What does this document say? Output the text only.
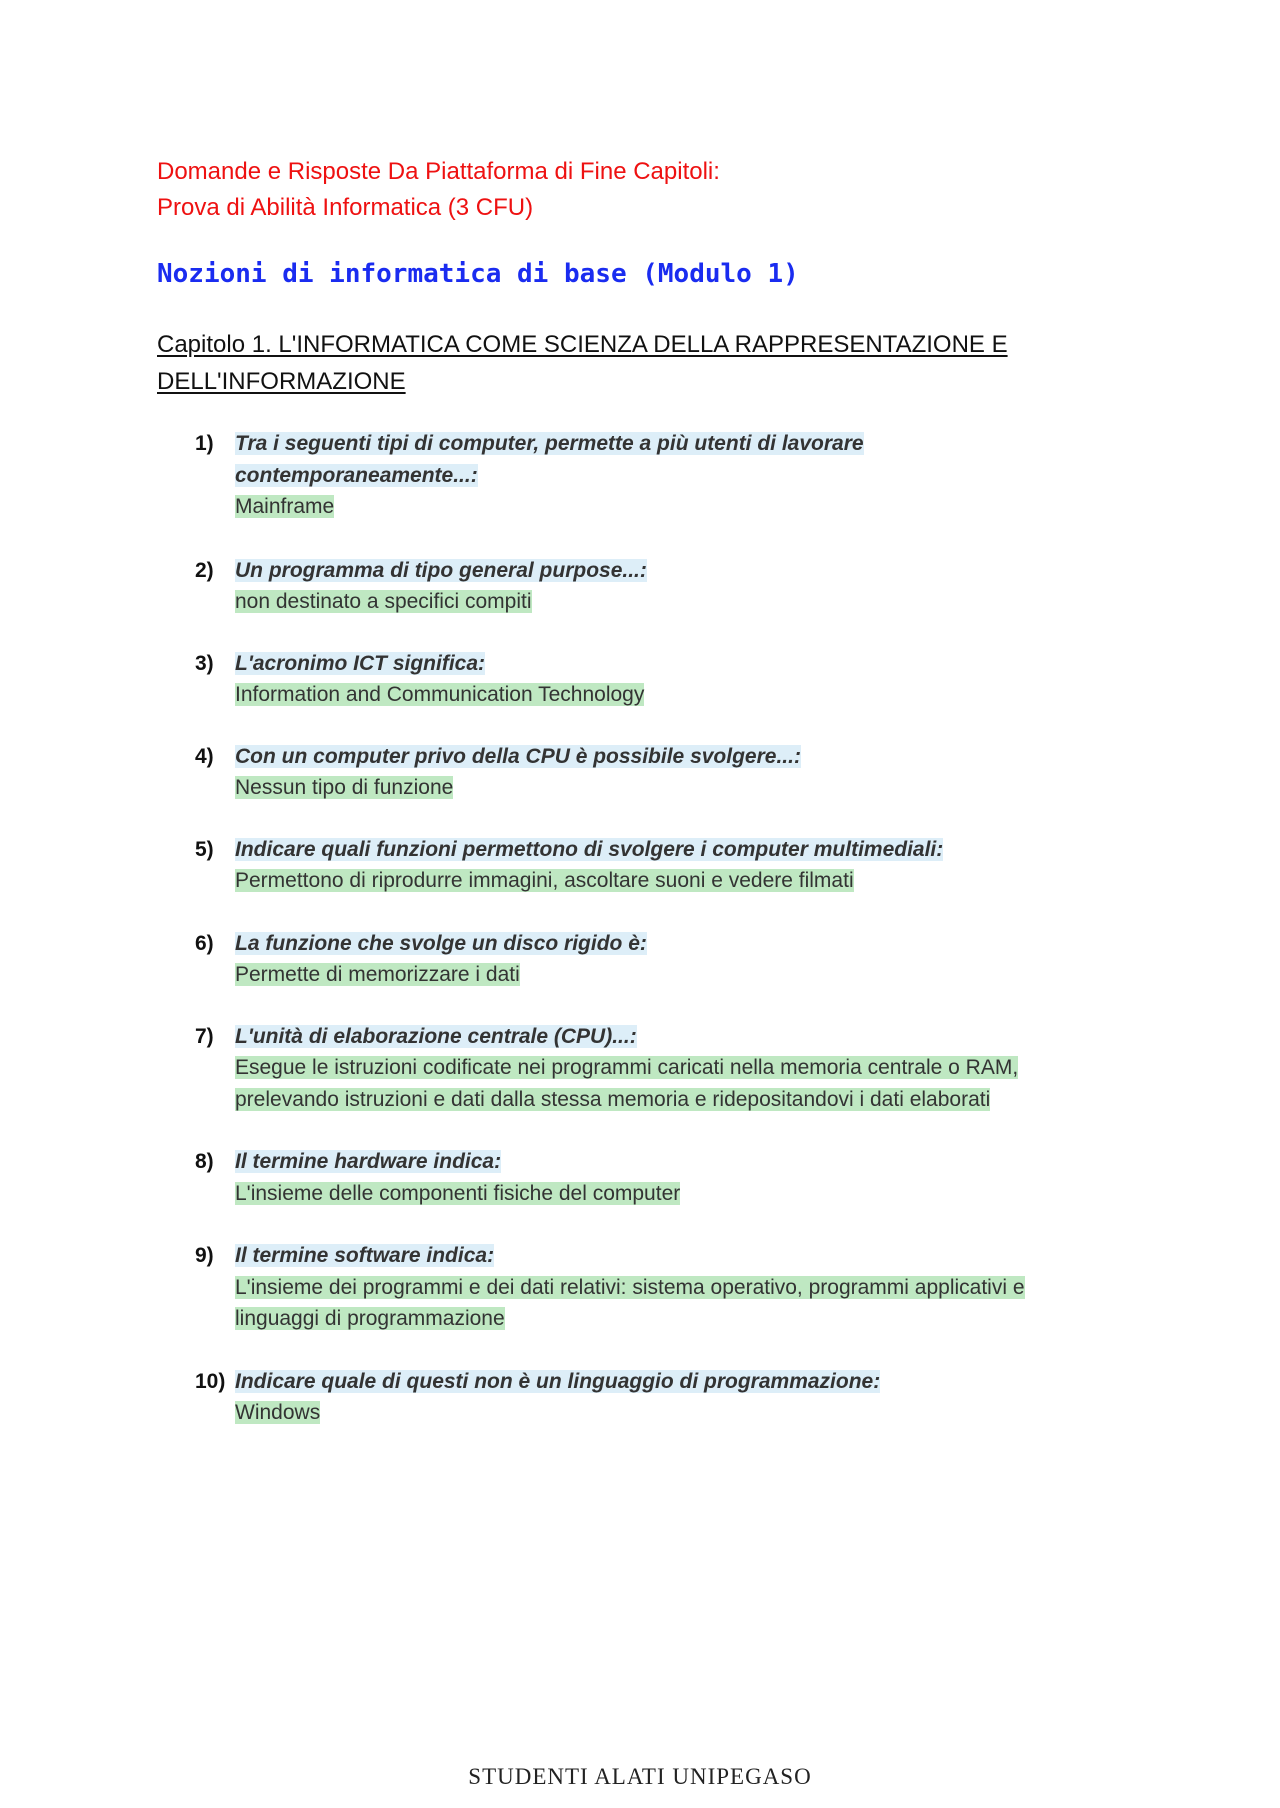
Domande e Risposte Da Piattaforma di Fine Capitoli:
Prova di Abilità Informatica (3 CFU)
Nozioni di informatica di base (Modulo 1)
Capitolo 1. L'INFORMATICA COME SCIENZA DELLA RAPPRESENTAZIONE E DELL'INFORMAZIONE
1) Tra i seguenti tipi di computer, permette a più utenti di lavorare contemporaneamente...:
Mainframe
2) Un programma di tipo general purpose...:
non destinato a specifici compiti
3) L'acronimo ICT significa:
Information and Communication Technology
4) Con un computer privo della CPU è possibile svolgere...:
Nessun tipo di funzione
5) Indicare quali funzioni permettono di svolgere i computer multimediali:
Permettono di riprodurre immagini, ascoltare suoni e vedere filmati
6) La funzione che svolge un disco rigido è:
Permette di memorizzare i dati
7) L'unità di elaborazione centrale (CPU)...:
Esegue le istruzioni codificate nei programmi caricati nella memoria centrale o RAM, prelevando istruzioni e dati dalla stessa memoria e ridepositandovi i dati elaborati
8) Il termine hardware indica:
L'insieme delle componenti fisiche del computer
9) Il termine software indica:
L'insieme dei programmi e dei dati relativi: sistema operativo, programmi applicativi e linguaggi di programmazione
10) Indicare quale di questi non è un linguaggio di programmazione:
Windows
STUDENTI ALATI UNIPEGASO
